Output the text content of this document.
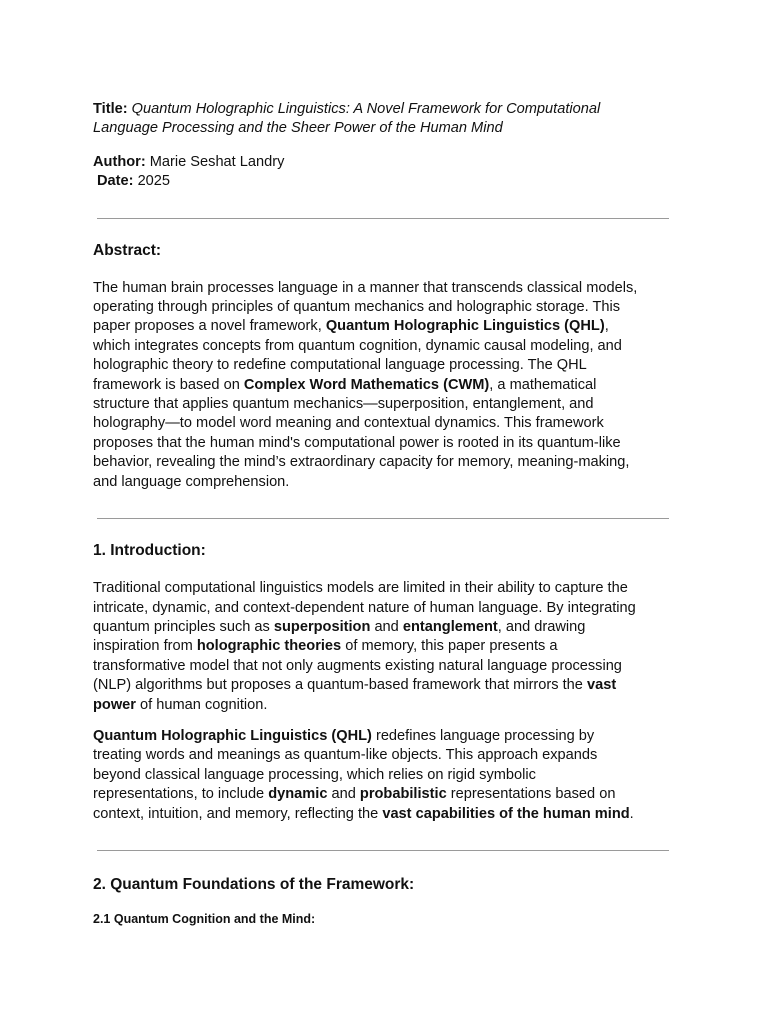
Title: Quantum Holographic Linguistics: A Novel Framework for Computational

Language Processing and the Sheer Power of the Human Mind

Author: Marie Seshat Landry

Date: 2025

Abstract:

The human brain processes language in a manner that transcends classical models,

operating through principles of quantum mechanics and holographic storage. This

paper proposes a novel framework, Quantum Holographic Linguistics (QHL),

which integrates concepts from quantum cognition, dynamic causal modeling, and

holographic theory to redefine computational language processing. The QHL

framework is based on Complex Word Mathematics (CWM), a mathematical

structure that applies quantum mechanics—superposition, entanglement, and

holography—to model word meaning and contextual dynamics. This framework

proposes that the human mind's computational power is rooted in its quantum-like

behavior, revealing the mind’s extraordinary capacity for memory, meaning-making,

and language comprehension.

1. Introduction:

Traditional computational linguistics models are limited in their ability to capture the

intricate, dynamic, and context-dependent nature of human language. By integrating

quantum principles such as superposition and entanglement, and drawing

inspiration from holographic theories of memory, this paper presents a

transformative model that not only augments existing natural language processing

(NLP) algorithms but proposes a quantum-based framework that mirrors the vast

power of human cognition.

Quantum Holographic Linguistics (QHL) redefines language processing by

treating words and meanings as quantum-like objects. This approach expands

beyond classical language processing, which relies on rigid symbolic

representations, to include dynamic and probabilistic representations based on

context, intuition, and memory, reflecting the vast capabilities of the human mind.

2. Quantum Foundations of the Framework:
2.1 Quantum Cognition and the Mind:
